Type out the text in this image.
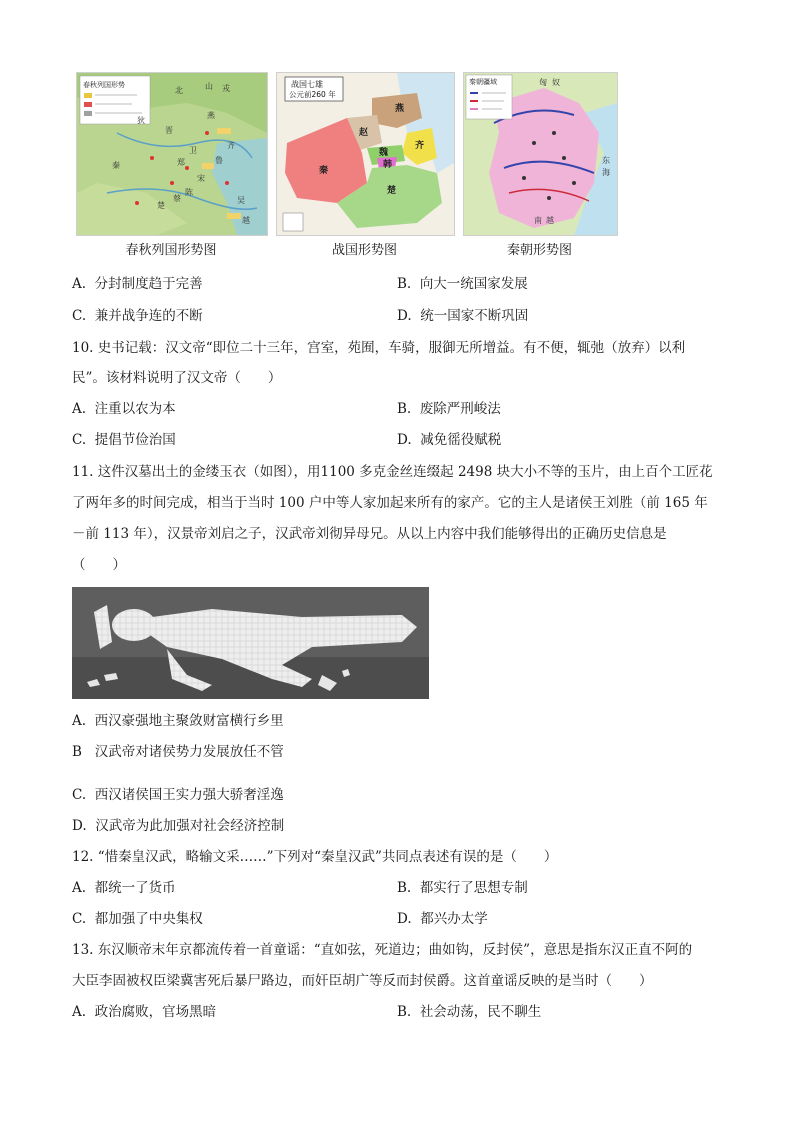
春秋列国形势
北	山 戎
晋
燕
狄
齐
鲁
宋
郑
卫
楚
秦
吴
越
陈
蔡
春秋列国形势图
战国七雄
公元前260 年
燕
赵
齐
魏
韩
秦
楚
战国形势图
秦朝疆域	匈 奴
东
海
南 越
秦朝形势图
A. 分封制度趋于完善	B. 向大一统国家发展
C. 兼并战争连的不断	D. 统一国家不断巩固
10. 史书记载：汉文帝“即位二十三年，宫室，苑囿，车骑，服御无所增益。有不便，辄弛（放弃）以利
民”。该材料说明了汉文帝（　　）
A. 注重以农为本	B. 废除严刑峻法
C. 提倡节俭治国	D. 减免徭役赋税
11. 这件汉墓出土的金缕玉衣（如图），用1100 多克金丝连缀起 2498 块大小不等的玉片，由上百个工匠花
了两年多的时间完成，相当于当时 100 户中等人家加起来所有的家产。它的主人是诸侯王刘胜（前 165 年
－前 113 年），汉景帝刘启之子，汉武帝刘彻异母兄。从以上内容中我们能够得出的正确历史信息是
（　　）
A. 西汉豪强地主聚敛财富横行乡里
B 汉武帝对诸侯势力发展放任不管
C. 西汉诸侯国王实力强大骄奢淫逸
D. 汉武帝为此加强对社会经济控制
12. “惜秦皇汉武，略输文采……”下列对“秦皇汉武”共同点表述有误的是（　　）
A. 都统一了货币	B. 都实行了思想专制
C. 都加强了中央集权	D. 都兴办太学
13. 东汉顺帝末年京都流传着一首童谣：“直如弦，死道边；曲如钩，反封侯”，意思是指东汉正直不阿的
大臣李固被权臣梁冀害死后暴尸路边，而奸臣胡广等反而封侯爵。这首童谣反映的是当时（　　）
A. 政治腐败，官场黑暗	B. 社会动荡，民不聊生
